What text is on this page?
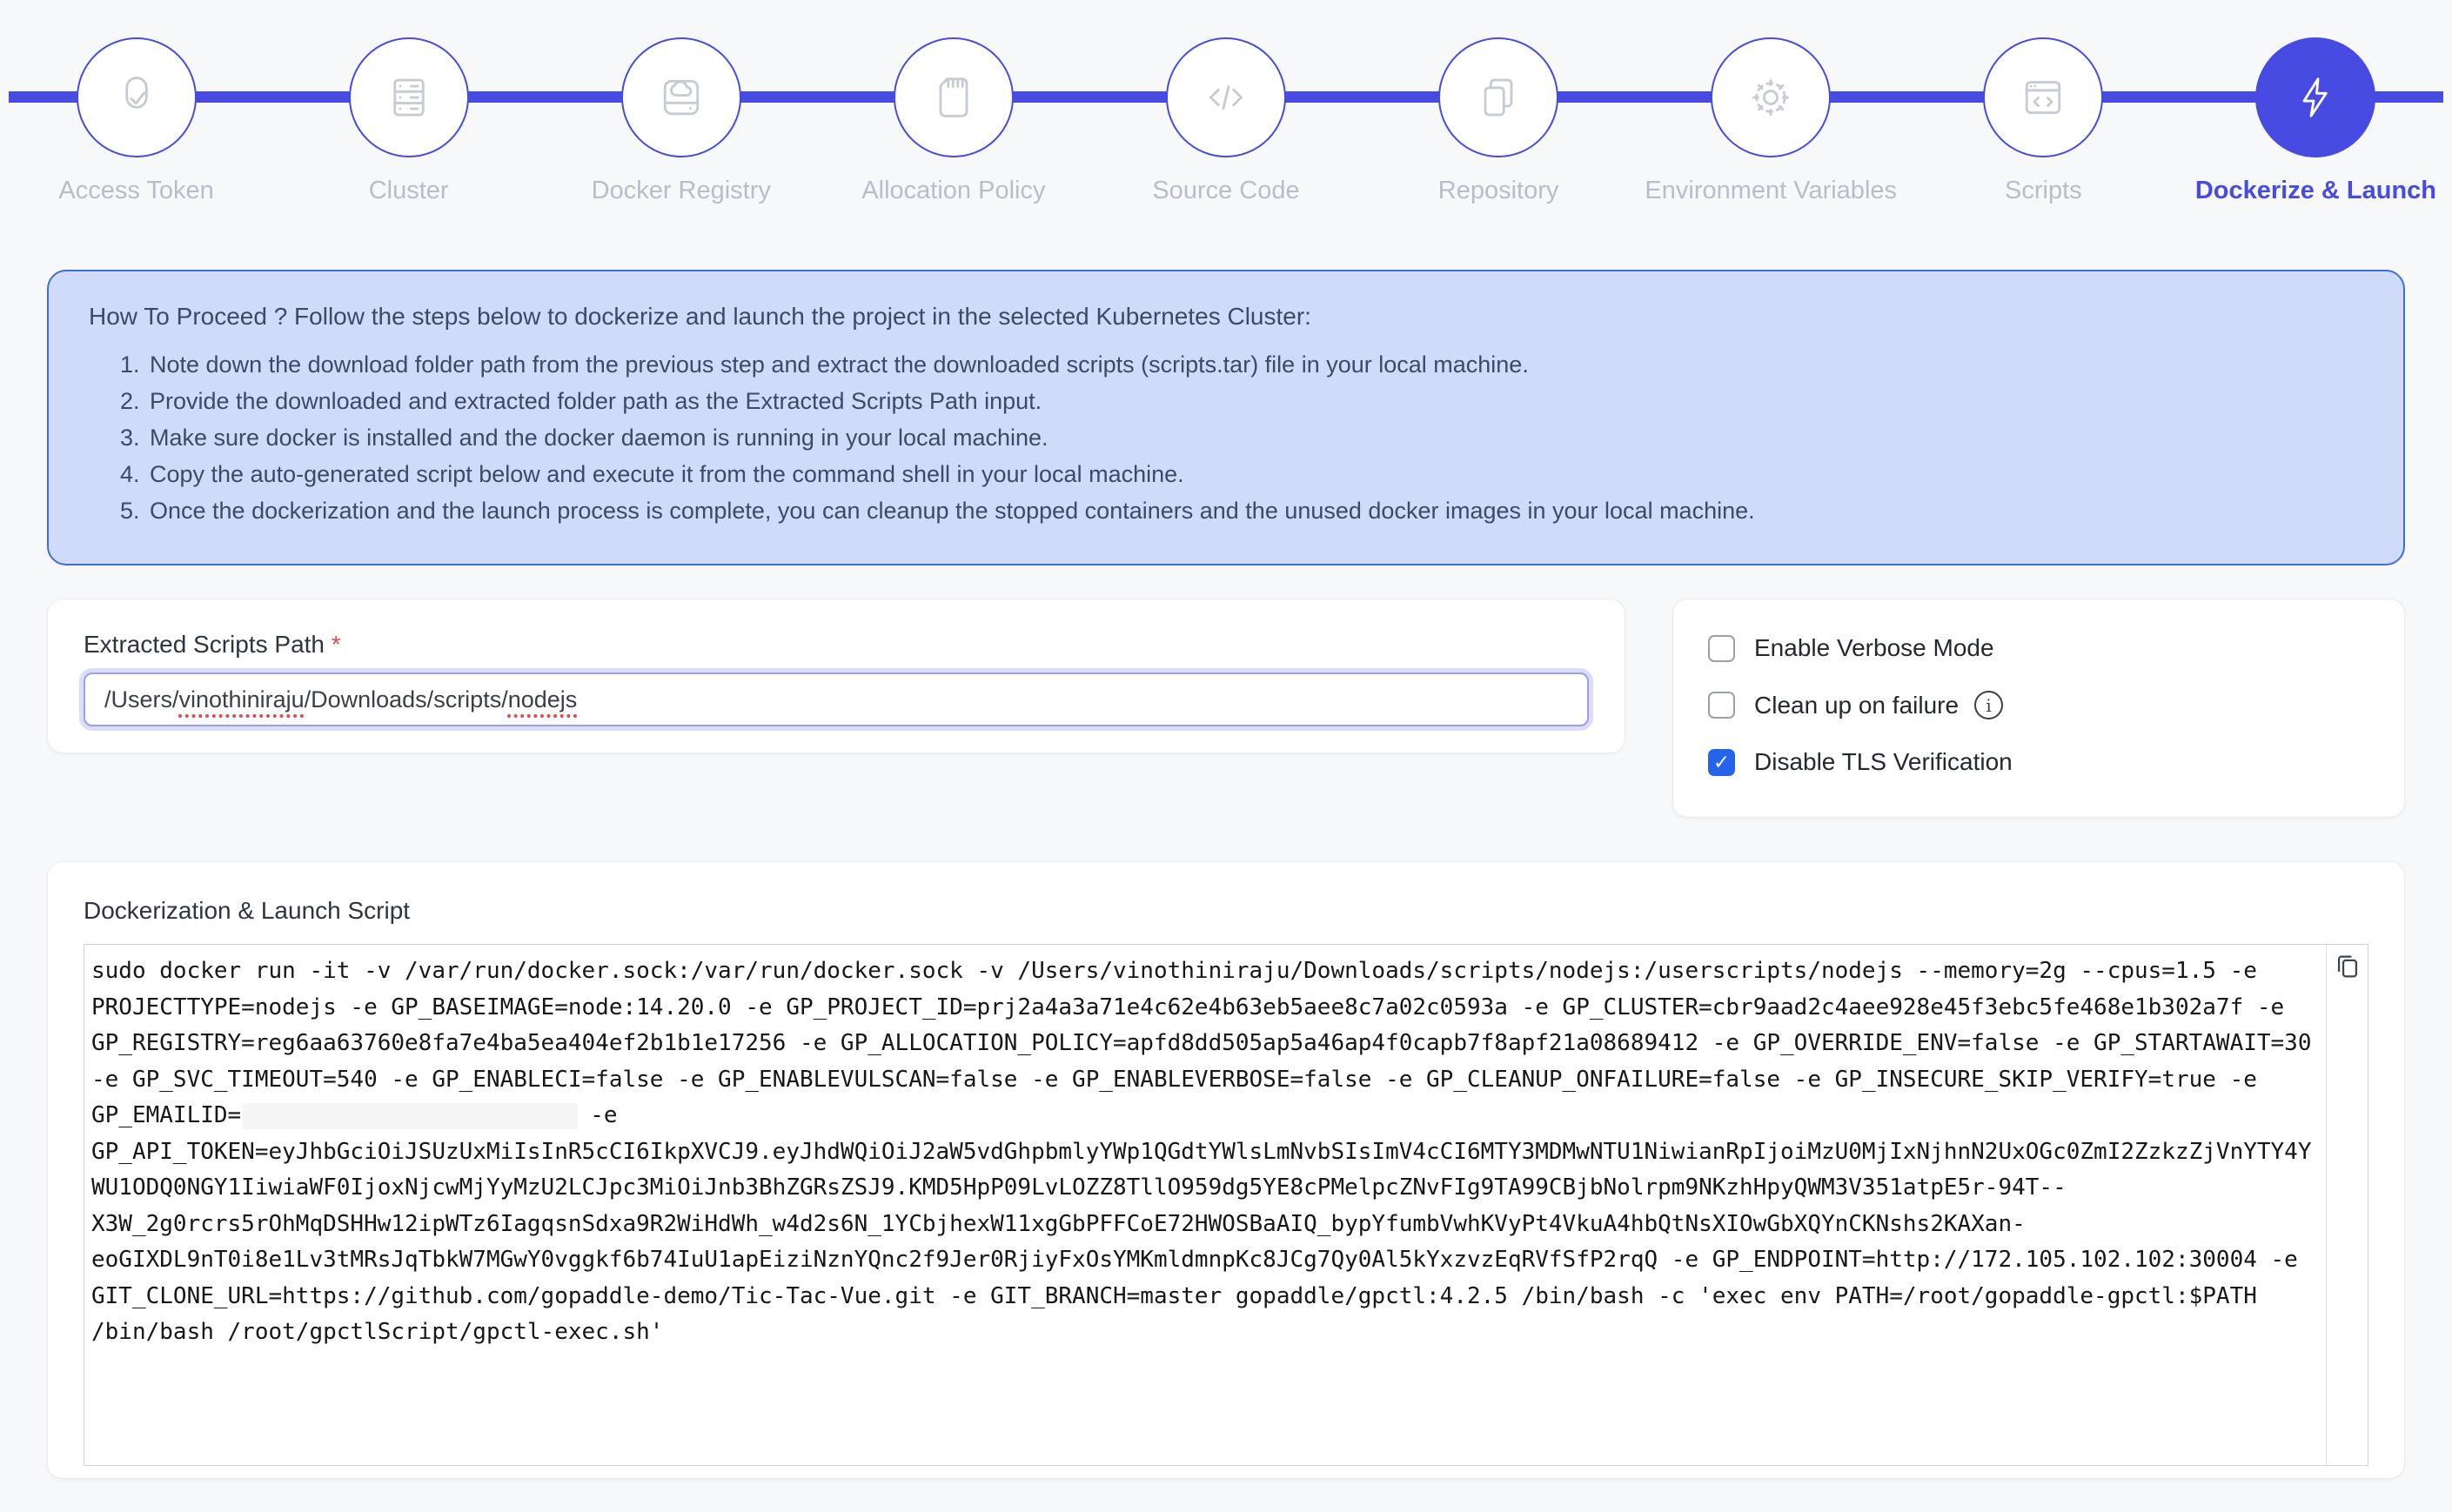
Access Token	Cluster	Docker Registry	Allocation Policy	Source Code	Repository	Environment Variables	Scripts	Dockerize & Launch

How To Proceed ? Follow the steps below to dockerize and launch the project in the selected Kubernetes Cluster:

1. Note down the download folder path from the previous step and extract the downloaded scripts (scripts.tar) file in your local machine.
2. Provide the downloaded and extracted folder path as the Extracted Scripts Path input.
3. Make sure docker is installed and the docker daemon is running in your local machine.
4. Copy the auto-generated script below and execute it from the command shell in your local machine.
5. Once the dockerization and the launch process is complete, you can cleanup the stopped containers and the unused docker images in your local machine.
Extracted Scripts Path *
/Users/ vinothiniraju /Downloads/scripts/ nodejs
Enable Verbose Mode
Clean up on failure	i
✓ Disable TLS Verification
Dockerization & Launch Script
sudo docker run -it -v /var/run/docker.sock:/var/run/docker.sock -v /Users/vinothiniraju/Downloads/scripts/nodejs:/userscripts/nodejs --memory=2g --cpus=1.5 -e
PROJECTTYPE=nodejs -e GP_BASEIMAGE=node:14.20.0 -e GP_PROJECT_ID=prj2a4a3a71e4c62e4b63eb5aee8c7a02c0593a -e GP_CLUSTER=cbr9aad2c4aee928e45f3ebc5fe468e1b302a7f -e
GP_REGISTRY=reg6aa63760e8fa7e4ba5ea404ef2b1b1e17256 -e GP_ALLOCATION_POLICY=apfd8dd505ap5a46ap4f0capb7f8apf21a08689412 -e GP_OVERRIDE_ENV=false -e GP_STARTAWAIT=30
-e GP_SVC_TIMEOUT=540 -e GP_ENABLECI=false -e GP_ENABLEVULSCAN=false -e GP_ENABLEVERBOSE=false -e GP_CLEANUP_ONFAILURE=false -e GP_INSECURE_SKIP_VERIFY=true -e
GP_EMAILID=	-e
GP_API_TOKEN=eyJhbGciOiJSUzUxMiIsInR5cCI6IkpXVCJ9.eyJhdWQiOiJ2aW5vdGhpbmlyYWp1QGdtYWlsLmNvbSIsImV4cCI6MTY3MDMwNTU1NiwianRpIjoiMzU0MjIxNjhnN2UxOGc0ZmI2ZzkzZjVnYTY4Y
WU1ODQ0NGY1IiwiaWF0IjoxNjcwMjYyMzU2LCJpc3MiOiJnb3BhZGRsZSJ9.KMD5HpP09LvLOZZ8TllO959dg5YE8cPMelpcZNvFIg9TA99CBjbNolrpm9NKzhHpyQWM3V351atpE5r-94T--
X3W_2g0rcrs5rOhMqDSHHw12ipWTz6IagqsnSdxa9R2WiHdWh_w4d2s6N_1YCbjhexW11xgGbPFFCoE72HWOSBaAIQ_bypYfumbVwhKVyPt4VkuA4hbQtNsXIOwGbXQYnCKNshs2KAXan-
eoGIXDL9nT0i8e1Lv3tMRsJqTbkW7MGwY0vggkf6b74IuU1apEiziNznYQnc2f9Jer0RjiyFxOsYMKmldmnpKc8JCg7Qy0Al5kYxzvzEqRVfSfP2rqQ -e GP_ENDPOINT=http://172.105.102.102:30004 -e
GIT_CLONE_URL=https://github.com/gopaddle-demo/Tic-Tac-Vue.git -e GIT_BRANCH=master gopaddle/gpctl:4.2.5 /bin/bash -c 'exec env PATH=/root/gopaddle-gpctl:$PATH
/bin/bash /root/gpctlScript/gpctl-exec.sh'
